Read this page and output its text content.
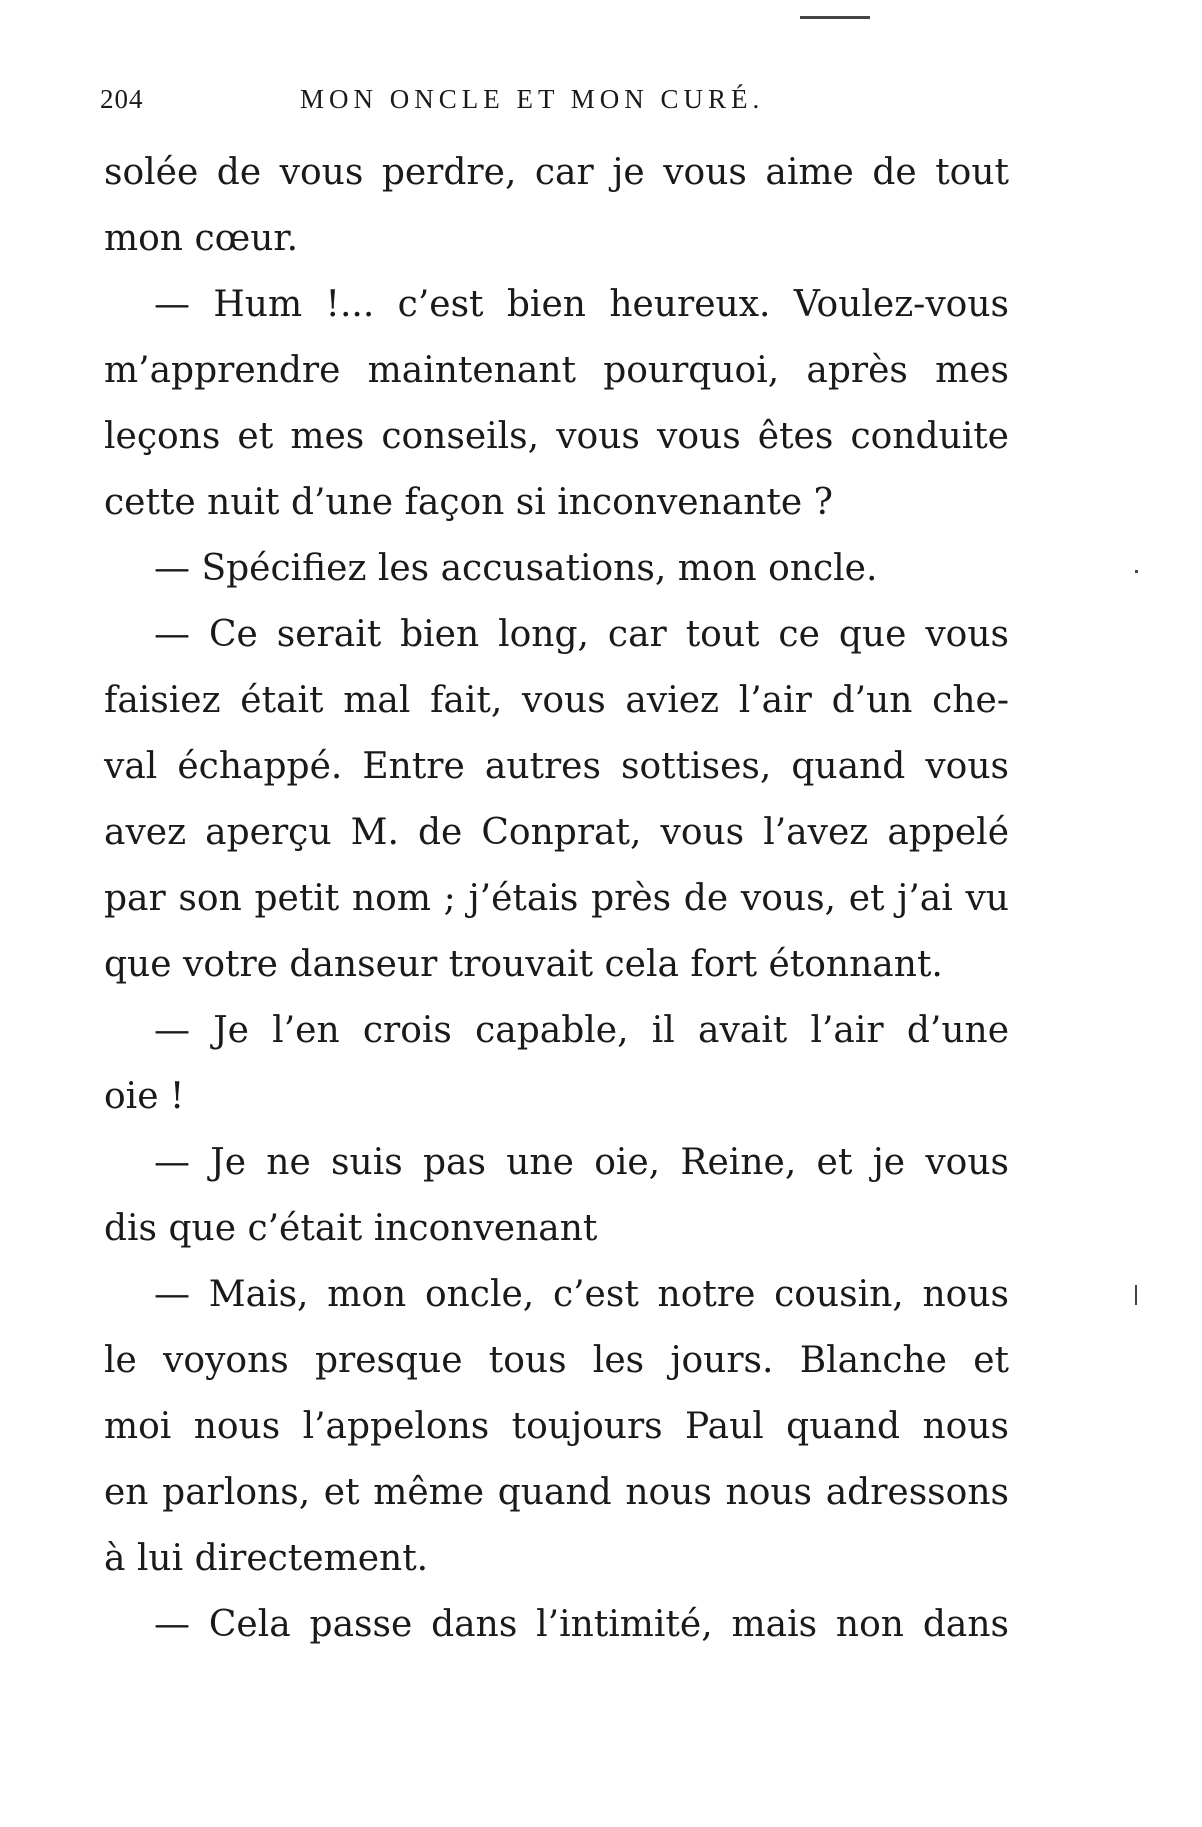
204	MON ONCLE ET MON CURÉ.
solée de vous perdre, car je vous aime de tout
mon cœur.
— Hum !... c’est bien heureux. Voulez-vous
m’apprendre maintenant pourquoi, après mes
leçons et mes conseils, vous vous êtes conduite
cette nuit d’une façon si inconvenante ?
— Spécifiez les accusations, mon oncle.
— Ce serait bien long, car tout ce que vous
faisiez était mal fait, vous aviez l’air d’un che-
val échappé. Entre autres sottises, quand vous
avez aperçu M. de Conprat, vous l’avez appelé
par son petit nom ; j’étais près de vous, et j’ai vu
que votre danseur trouvait cela fort étonnant.
— Je l’en crois capable, il avait l’air d’une
oie !
— Je ne suis pas une oie, Reine, et je vous
dis que c’était inconvenant
— Mais, mon oncle, c’est notre cousin, nous
le voyons presque tous les jours. Blanche et
moi nous l’appelons toujours Paul quand nous
en parlons, et même quand nous nous adressons
à lui directement.
— Cela passe dans l’intimité, mais non dans
